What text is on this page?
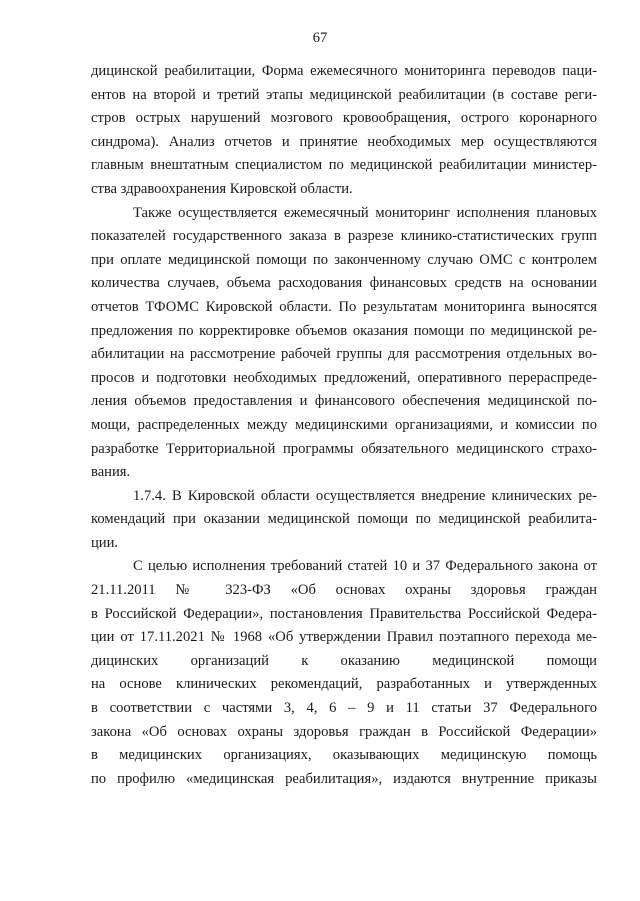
67

дицинской реабилитации, Форма ежемесячного мониторинга переводов паци-
ентов на второй и третий этапы медицинской реабилитации (в составе реги-
стров острых нарушений мозгового кровообращения, острого коронарного
синдрома). Анализ отчетов и принятие необходимых мер осуществляются
главным внештатным специалистом по медицинской реабилитации министер-
ства здравоохранения Кировской области.

Также осуществляется ежемесячный мониторинг исполнения плановых
показателей государственного заказа в разрезе клинико-статистических групп
при оплате медицинской помощи по законченному случаю ОМС с контролем
количества случаев, объема расходования финансовых средств на основании
отчетов ТФОМС Кировской области. По результатам мониторинга выносятся
предложения по корректировке объемов оказания помощи по медицинской ре-
абилитации на рассмотрение рабочей группы для рассмотрения отдельных во-
просов и подготовки необходимых предложений, оперативного перераспреде-
ления объемов предоставления и финансового обеспечения медицинской по-
мощи, распределенных между медицинскими организациями, и комиссии по
разработке Территориальной программы обязательного медицинского страхо-
вания.

1.7.4. В Кировской области осуществляется внедрение клинических ре-
комендаций при оказании медицинской помощи по медицинской реабилита-
ции.

С целью исполнения требований статей 10 и 37 Федерального закона от
21.11.2011 № 323-ФЗ «Об основах охраны здоровья граждан
в Российской Федерации», постановления Правительства Российской Федера-
ции от 17.11.2021 № 1968 «Об утверждении Правил поэтапного перехода ме-
дицинских организаций к оказанию медицинской помощи
на основе клинических рекомендаций, разработанных и утвержденных
в соответствии с частями 3, 4, 6 – 9 и 11 статьи 37 Федерального
закона «Об основах охраны здоровья граждан в Российской Федерации»
в медицинских организациях, оказывающих медицинскую помощь
по профилю «медицинская реабилитация», издаются внутренние приказы
